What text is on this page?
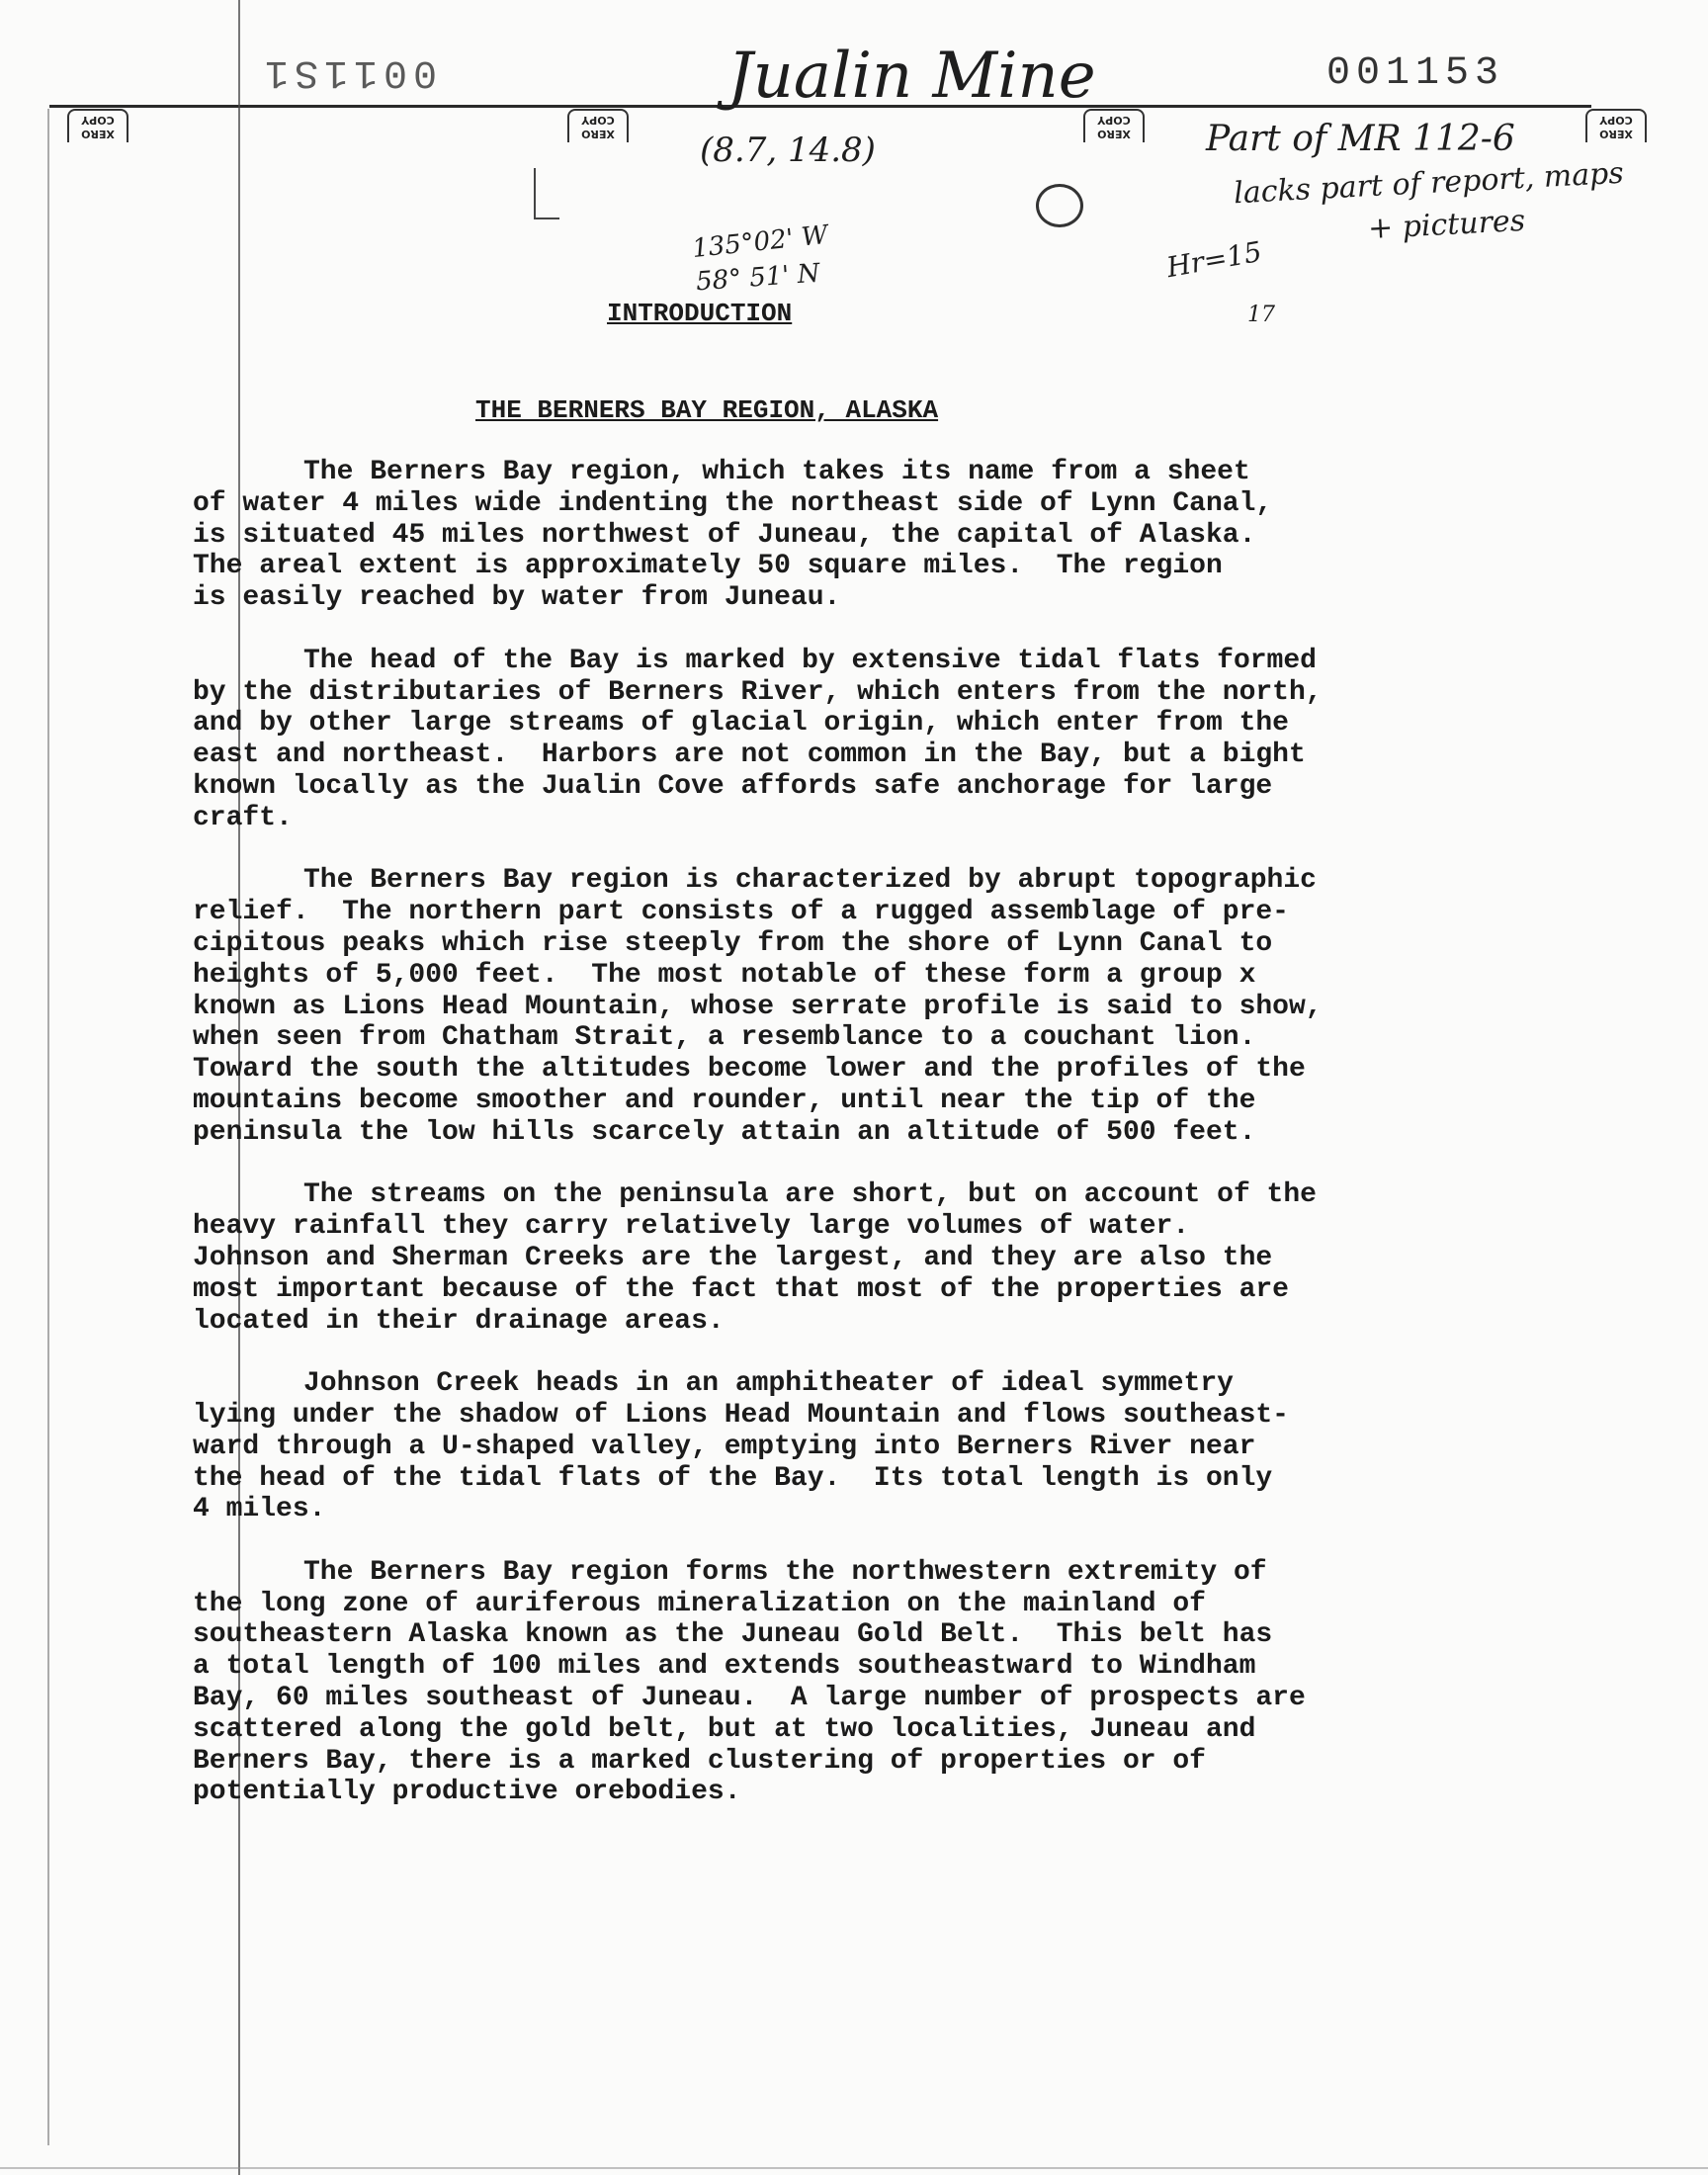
XERO COPY
XERO COPY
XERO COPY
XERO COPY
0011S1	Jualin Mine	001153
(8.7, 14.8)
135°02' W
58° 51' N
Part of MR 112-6
lacks part of report, maps
+ pictures
Hr=15
17
INTRODUCTION
THE BERNERS BAY REGION, ALASKA
The Berners Bay region, which takes its name from a sheet
of water 4 miles wide indenting the northeast side of Lynn Canal,
is situated 45 miles northwest of Juneau, the capital of Alaska.
The areal extent is approximately 50 square miles.  The region
is easily reached by water from Juneau.
The head of the Bay is marked by extensive tidal flats formed
by the distributaries of Berners River, which enters from the north,
and by other large streams of glacial origin, which enter from the
east and northeast.  Harbors are not common in the Bay, but a bight
known locally as the Jualin Cove affords safe anchorage for large
craft.
The Berners Bay region is characterized by abrupt topographic
relief.  The northern part consists of a rugged assemblage of pre-
cipitous peaks which rise steeply from the shore of Lynn Canal to
heights of 5,000 feet.  The most notable of these form a group x
known as Lions Head Mountain, whose serrate profile is said to show,
when seen from Chatham Strait, a resemblance to a couchant lion.
Toward the south the altitudes become lower and the profiles of the
mountains become smoother and rounder, until near the tip of the
peninsula the low hills scarcely attain an altitude of 500 feet.
The streams on the peninsula are short, but on account of the
heavy rainfall they carry relatively large volumes of water.
Johnson and Sherman Creeks are the largest, and they are also the
most important because of the fact that most of the properties are
located in their drainage areas.
Johnson Creek heads in an amphitheater of ideal symmetry
lying under the shadow of Lions Head Mountain and flows southeast-
ward through a U-shaped valley, emptying into Berners River near
the head of the tidal flats of the Bay.  Its total length is only
4 miles.
The Berners Bay region forms the northwestern extremity of
the long zone of auriferous mineralization on the mainland of
southeastern Alaska known as the Juneau Gold Belt.  This belt has
a total length of 100 miles and extends southeastward to Windham
Bay, 60 miles southeast of Juneau.  A large number of prospects are
scattered along the gold belt, but at two localities, Juneau and
Berners Bay, there is a marked clustering of properties or of
potentially productive orebodies.
